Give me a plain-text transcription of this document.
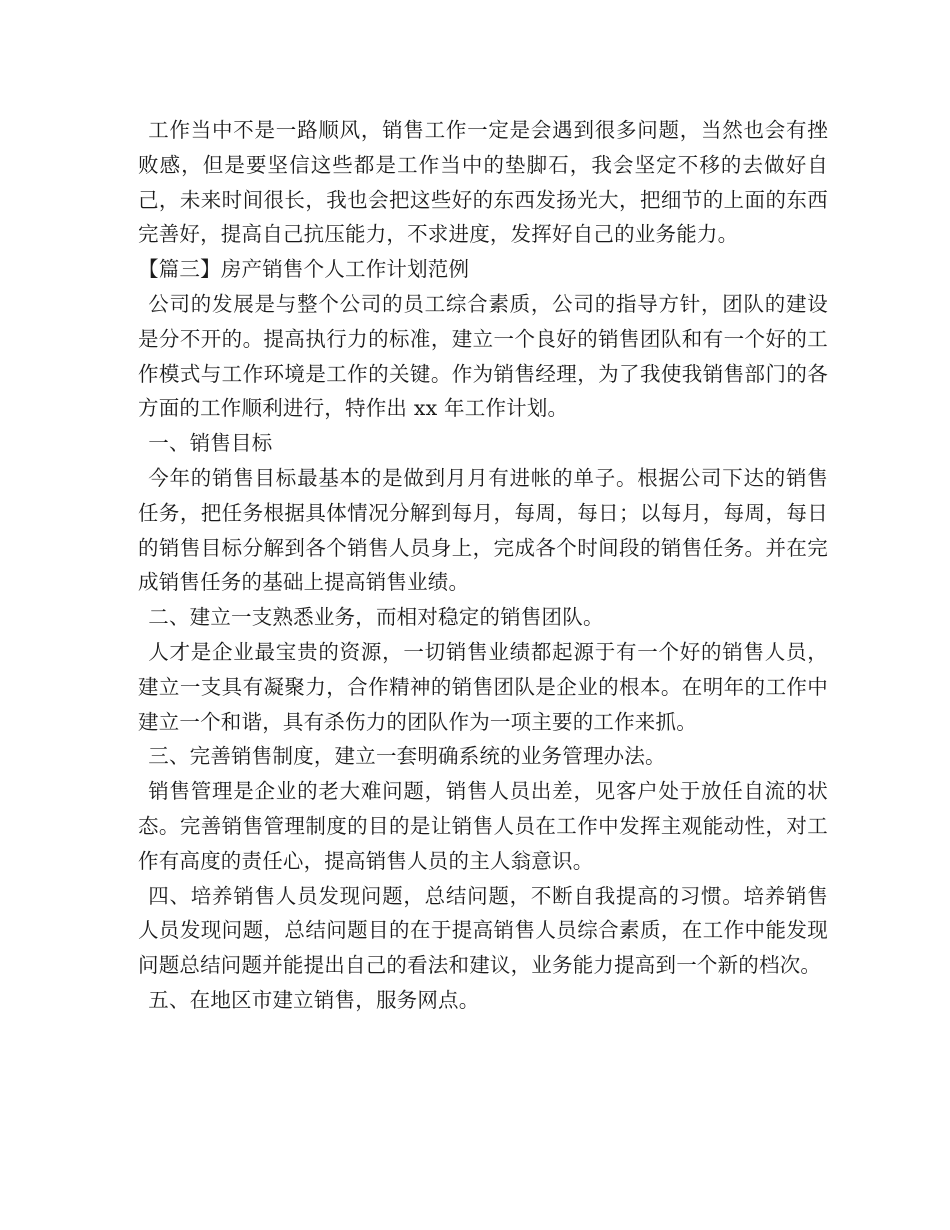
工作当中不是一路顺风，销售工作一定是会遇到很多问题，当然也会有挫败感，但是要坚信这些都是工作当中的垫脚石，我会坚定不移的去做好自己，未来时间很长，我也会把这些好的东西发扬光大，把细节的上面的东西完善好，提高自己抗压能力，不求进度，发挥好自己的业务能力。

【篇三】房产销售个人工作计划范例

公司的发展是与整个公司的员工综合素质，公司的指导方针，团队的建设是分不开的。提高执行力的标准，建立一个良好的销售团队和有一个好的工作模式与工作环境是工作的关键。作为销售经理，为了我使我销售部门的各方面的工作顺利进行，特作出 xx 年工作计划。

一、销售目标

今年的销售目标最基本的是做到月月有进帐的单子。根据公司下达的销售任务，把任务根据具体情况分解到每月，每周，每日；以每月，每周，每日的销售目标分解到各个销售人员身上，完成各个时间段的销售任务。并在完成销售任务的基础上提高销售业绩。

二、建立一支熟悉业务，而相对稳定的销售团队。

人才是企业最宝贵的资源，一切销售业绩都起源于有一个好的销售人员，建立一支具有凝聚力，合作精神的销售团队是企业的根本。在明年的工作中建立一个和谐，具有杀伤力的团队作为一项主要的工作来抓。

三、完善销售制度，建立一套明确系统的业务管理办法。

销售管理是企业的老大难问题，销售人员出差，见客户处于放任自流的状态。完善销售管理制度的目的是让销售人员在工作中发挥主观能动性，对工作有高度的责任心，提高销售人员的主人翁意识。

四、培养销售人员发现问题，总结问题，不断自我提高的习惯。培养销售人员发现问题，总结问题目的在于提高销售人员综合素质，在工作中能发现问题总结问题并能提出自己的看法和建议，业务能力提高到一个新的档次。

五、在地区市建立销售，服务网点。
